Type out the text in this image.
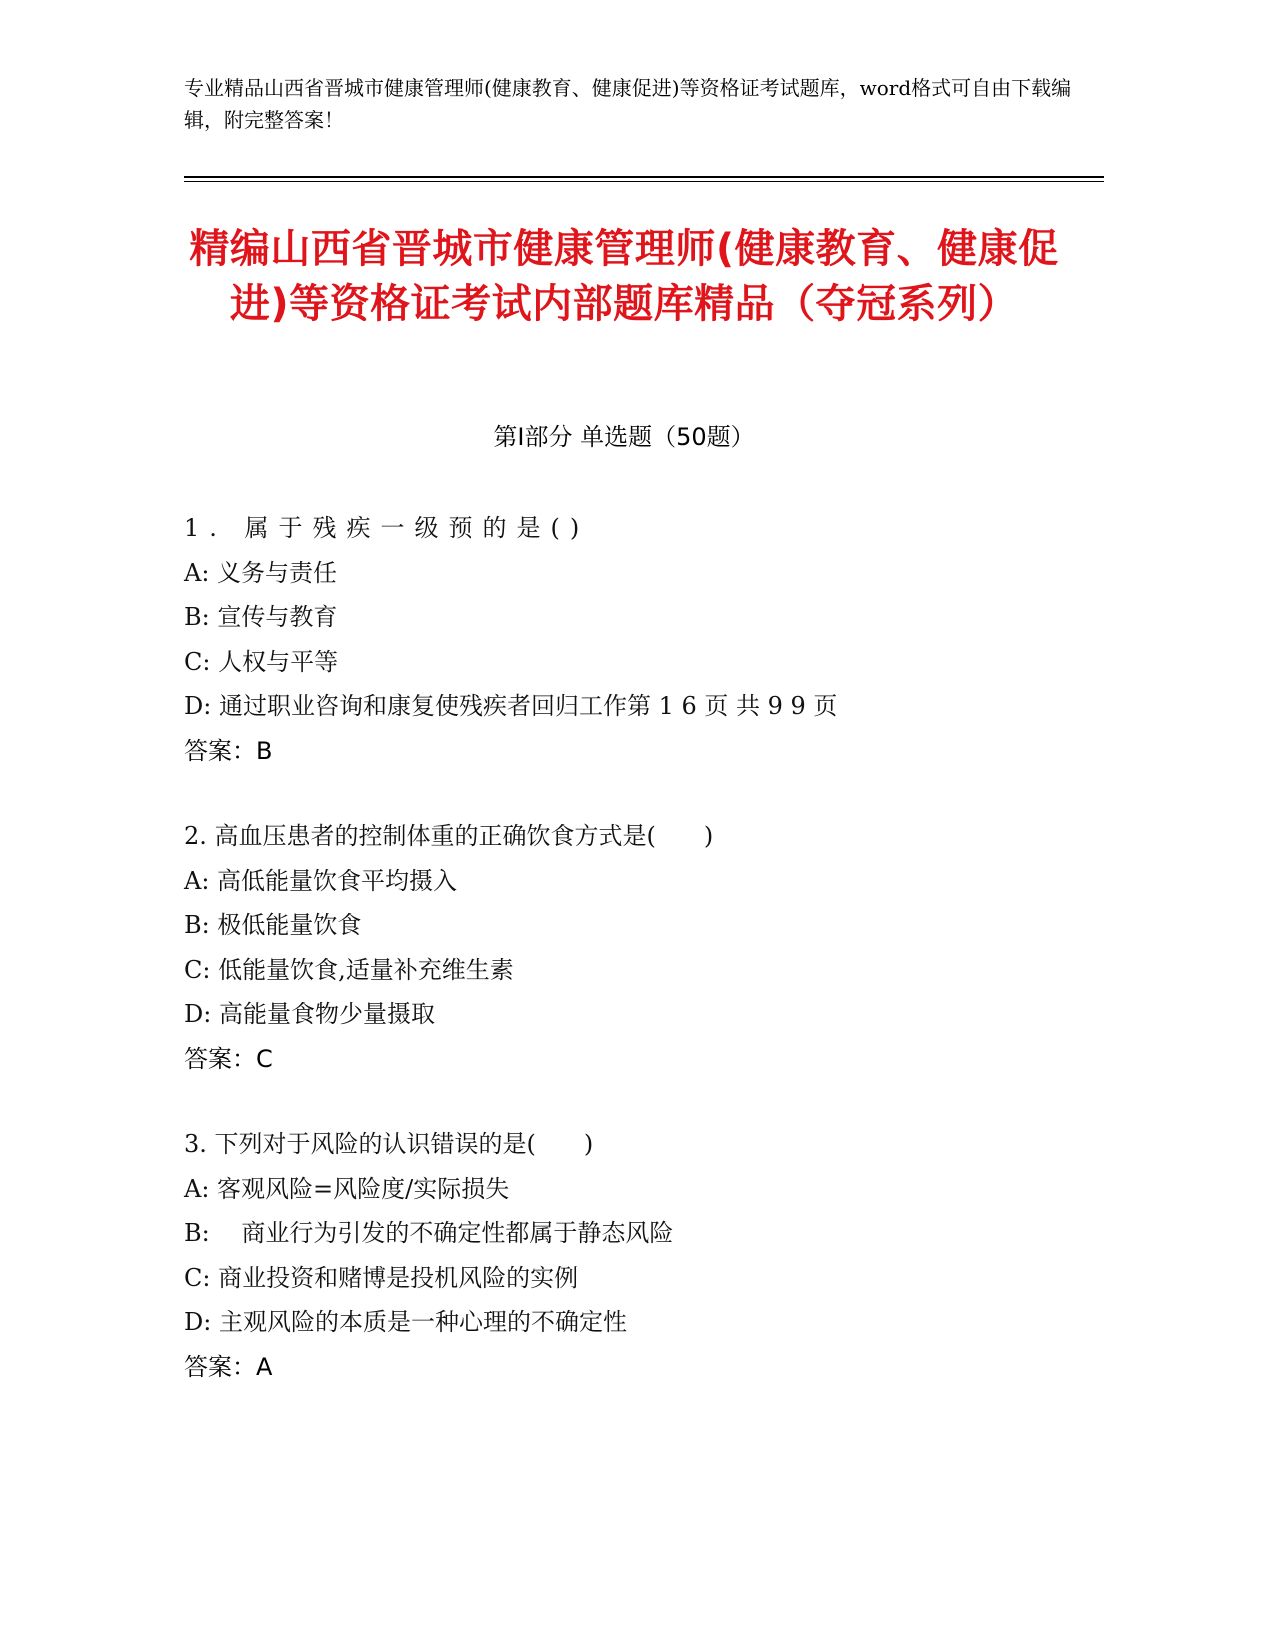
专业精品山西省晋城市健康管理师(健康教育、健康促进)等资格证考试题库，word格式可自由下载编辑，附完整答案！
精编山西省晋城市健康管理师(健康教育、健康促进)等资格证考试内部题库精品（夺冠系列）
第Ⅰ部分 单选题（50题）
1. 属于残疾一级预的是()
A: 义务与责任
B: 宣传与教育
C: 人权与平等
D: 通过职业咨询和康复使残疾者回归工作第 1 6 页 共 9 9 页
答案：B
2. 高血压患者的控制体重的正确饮食方式是(　　)
A: 高低能量饮食平均摄入
B: 极低能量饮食
C: 低能量饮食,适量补充维生素
D: 高能量食物少量摄取
答案：C
3. 下列对于风险的认识错误的是(　　)
A: 客观风险=风险度/实际损失
B: 　商业行为引发的不确定性都属于静态风险
C: 商业投资和赌博是投机风险的实例
D: 主观风险的本质是一种心理的不确定性
答案：A
